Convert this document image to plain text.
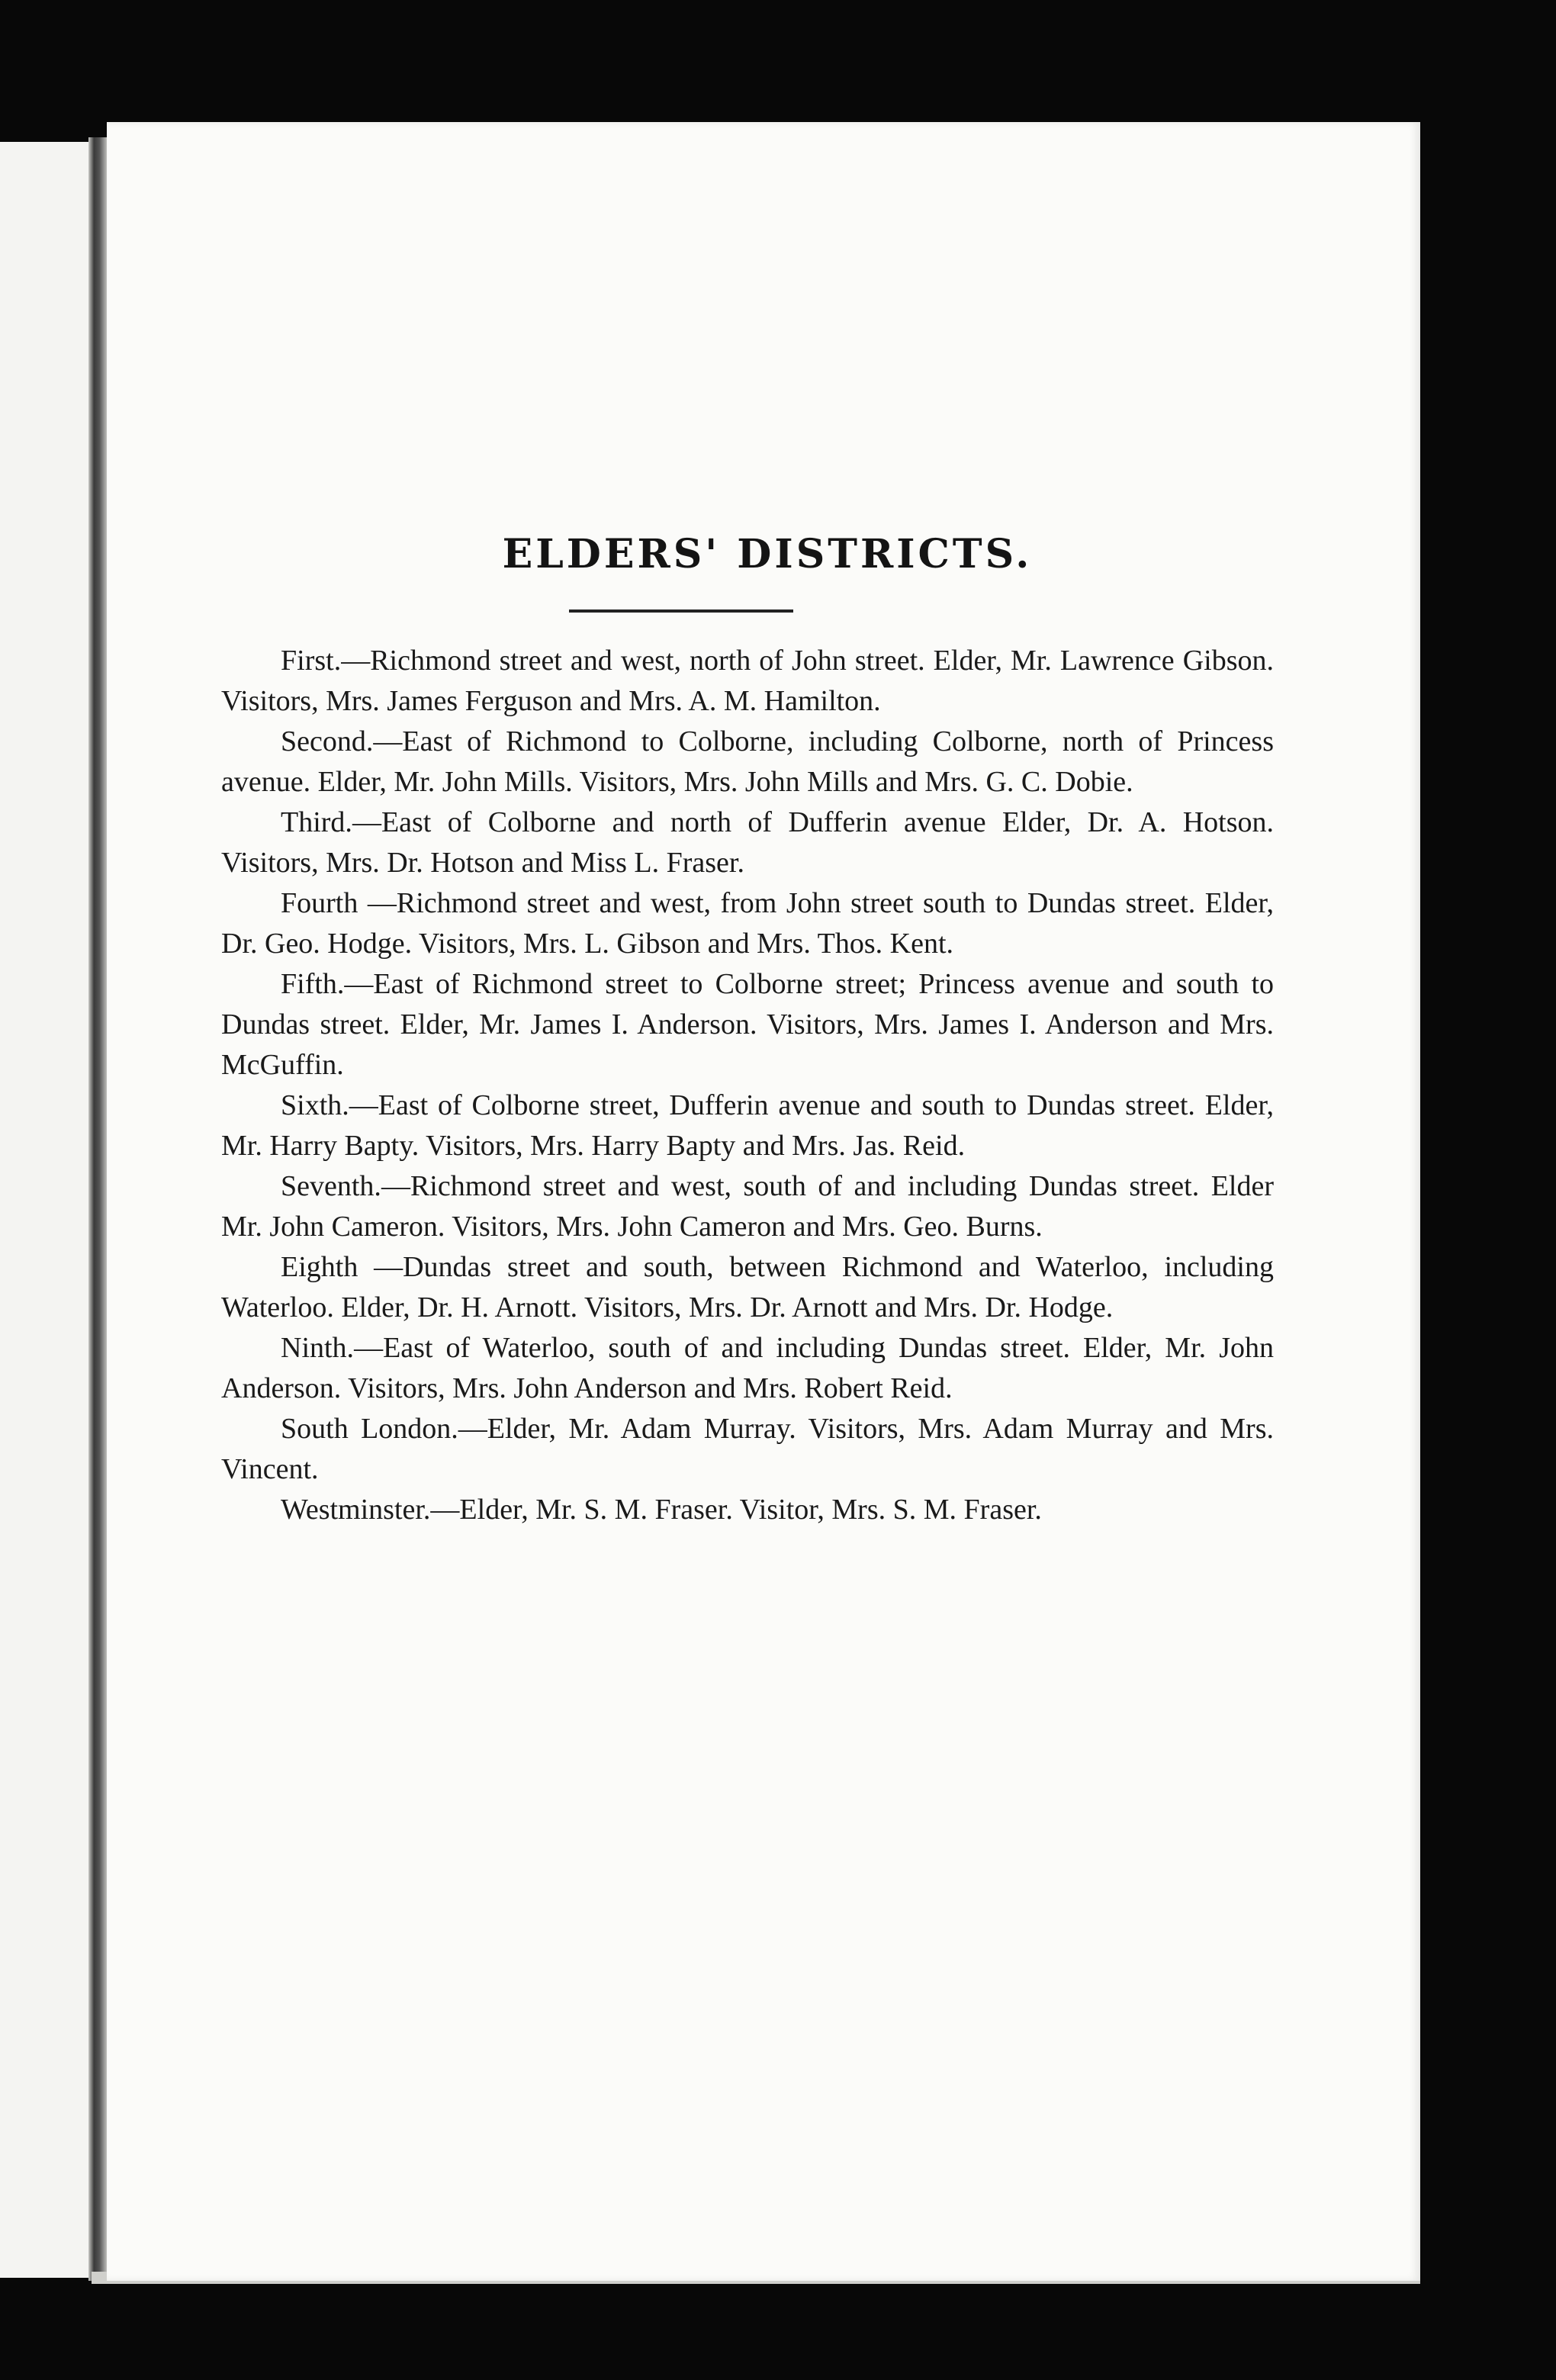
ELDERS' DISTRICTS.

First.—Richmond street and west, north of John street. Elder, Mr. Lawrence Gibson. Visitors, Mrs. James Ferguson and Mrs. A. M. Hamilton.

Second.—East of Richmond to Colborne, including Colborne, north of Princess avenue. Elder, Mr. John Mills. Visitors, Mrs. John Mills and Mrs. G. C. Dobie.

Third.—East of Colborne and north of Dufferin avenue Elder, Dr. A. Hotson. Visitors, Mrs. Dr. Hotson and Miss L. Fraser.

Fourth —Richmond street and west, from John street south to Dundas street. Elder, Dr. Geo. Hodge. Visitors, Mrs. L. Gibson and Mrs. Thos. Kent.

Fifth.—East of Richmond street to Colborne street; Princess avenue and south to Dundas street. Elder, Mr. James I. Anderson. Visitors, Mrs. James I. Anderson and Mrs. McGuffin.

Sixth.—East of Colborne street, Dufferin avenue and south to Dundas street. Elder, Mr. Harry Bapty. Visitors, Mrs. Harry Bapty and Mrs. Jas. Reid.

Seventh.—Richmond street and west, south of and including Dundas street. Elder Mr. John Cameron. Visitors, Mrs. John Cameron and Mrs. Geo. Burns.

Eighth —Dundas street and south, between Richmond and Waterloo, including Waterloo. Elder, Dr. H. Arnott. Visitors, Mrs. Dr. Arnott and Mrs. Dr. Hodge.

Ninth.—East of Waterloo, south of and including Dundas street. Elder, Mr. John Anderson. Visitors, Mrs. John Anderson and Mrs. Robert Reid.

South London.—Elder, Mr. Adam Murray. Visitors, Mrs. Adam Murray and Mrs. Vincent.

Westminster.—Elder, Mr. S. M. Fraser. Visitor, Mrs. S. M. Fraser.
